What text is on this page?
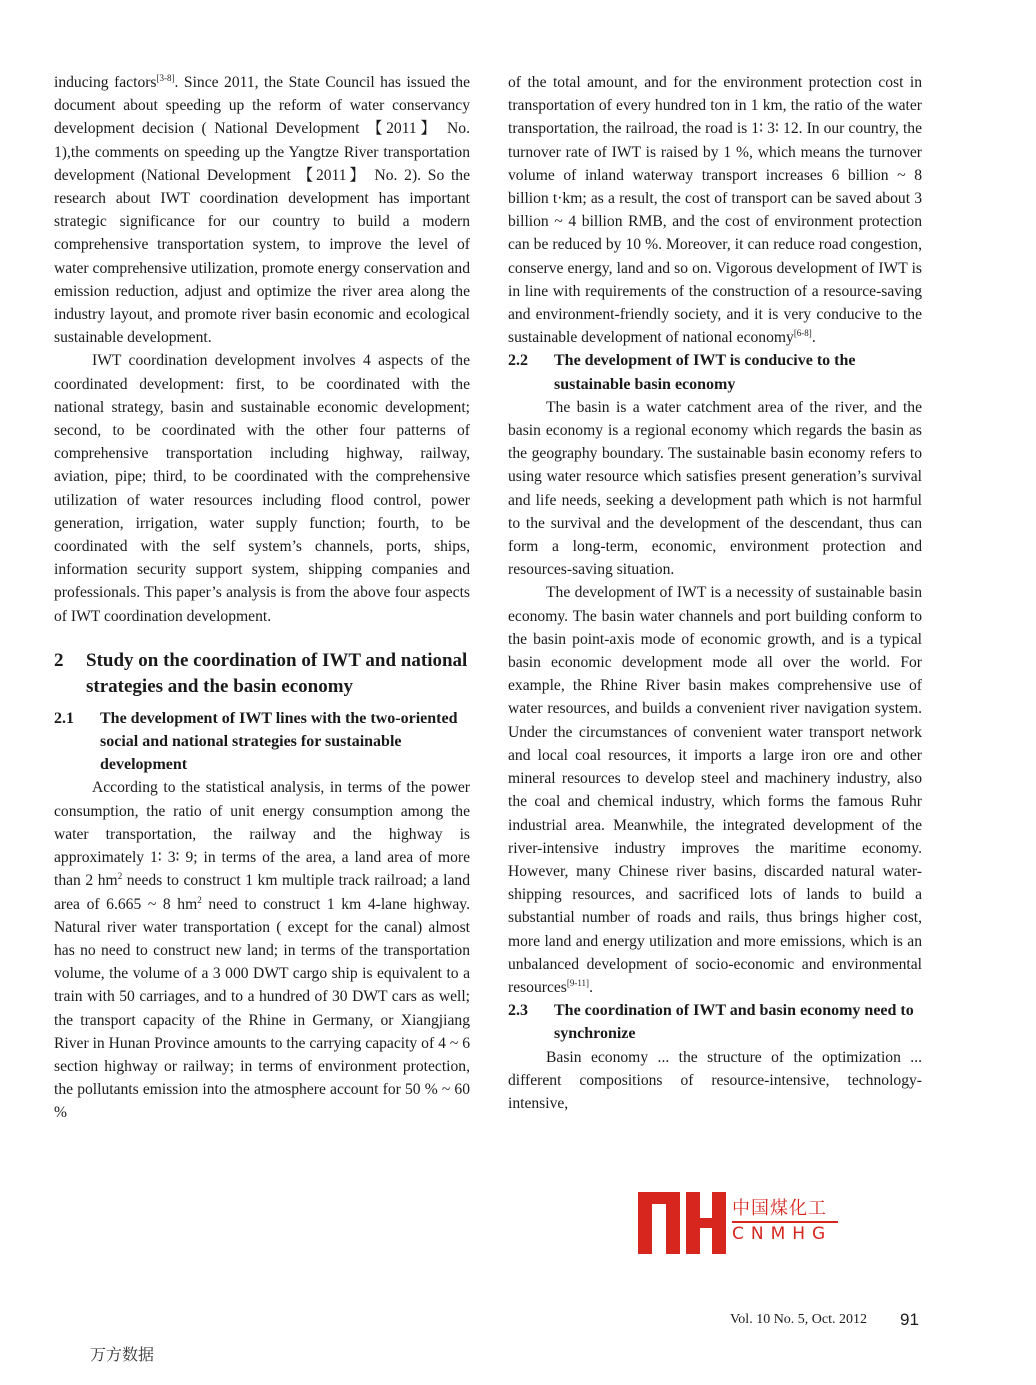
inducing factors[3-8]. Since 2011, the State Council has issued the document about speeding up the reform of water conservancy development decision ( National Development 【2011】 No. 1),the comments on speeding up the Yangtze River transportation development (National Development 【2011】 No. 2). So the research about IWT coordination development has important strategic significance for our country to build a modern comprehensive transportation system, to improve the level of water comprehensive utilization, promote energy conservation and emission reduction, adjust and optimize the river area along the industry layout, and promote river basin economic and ecological sustainable development.

IWT coordination development involves 4 aspects of the coordinated development: first, to be coordinated with the national strategy, basin and sustainable economic development; second, to be coordinated with the other four patterns of comprehensive transportation including highway, railway, aviation, pipe; third, to be coordinated with the comprehensive utilization of water resources including flood control, power generation, irrigation, water supply function; fourth, to be coordinated with the self system’s channels, ports, ships, information security support system, shipping companies and professionals. This paper’s analysis is from the above four aspects of IWT coordination development.

2	Study on the coordination of IWT and national strategies and the basin economy
2.1	The development of IWT lines with the two-oriented social and national strategies for sustainable development

According to the statistical analysis, in terms of the power consumption, the ratio of unit energy consumption among the water transportation, the railway and the highway is approximately 1∶ 3∶ 9; in terms of the area, a land area of more than 2 $hm^2$ needs to construct 1 km multiple track railroad; a land area of 6.665 ~ 8 $hm^2$ need to construct 1 km 4-lane highway. Natural river water transportation ( except for the canal) almost has no need to construct new land; in terms of the transportation volume, the volume of a 3 000 DWT cargo ship is equivalent to a train with 50 carriages, and to a hundred of 30 DWT cars as well; the transport capacity of the Rhine in Germany, or Xiangjiang River in Hunan Province amounts to the carrying capacity of 4 ~ 6 section highway or railway; in terms of environment protection, the pollutants emission into the atmosphere account for 50 % ~ 60 %

of the total amount, and for the environment protection cost in transportation of every hundred ton in 1 km, the ratio of the water transportation, the railroad, the road is 1∶ 3∶ 12. In our country, the turnover rate of IWT is raised by 1 %, which means the turnover volume of inland waterway transport increases 6 billion ~ 8 billion t·km; as a result, the cost of transport can be saved about 3 billion ~ 4 billion RMB, and the cost of environment protection can be reduced by 10 %. Moreover, it can reduce road congestion, conserve energy, land and so on. Vigorous development of IWT is in line with requirements of the construction of a resource-saving and environment-friendly society, and it is very conducive to the sustainable development of national economy[6-8].

2.2	The development of IWT is conducive to the sustainable basin economy

The basin is a water catchment area of the river, and the basin economy is a regional economy which regards the basin as the geography boundary. The sustainable basin economy refers to using water resource which satisfies present generation’s survival and life needs, seeking a development path which is not harmful to the survival and the development of the descendant, thus can form a long-term, economic, environment protection and resources-saving situation.

The development of IWT is a necessity of sustainable basin economy. The basin water channels and port building conform to the basin point-axis mode of economic growth, and is a typical basin economic development mode all over the world. For example, the Rhine River basin makes comprehensive use of water resources, and builds a convenient river navigation system. Under the circumstances of convenient water transport network and local coal resources, it imports a large iron ore and other mineral resources to develop steel and machinery industry, also the coal and chemical industry, which forms the famous Ruhr industrial area. Meanwhile, the integrated development of the river-intensive industry improves the maritime economy. However, many Chinese river basins, discarded natural water-shipping resources, and sacrificed lots of lands to build a substantial number of roads and rails, thus brings higher cost, more land and energy utilization and more emissions, which is an unbalanced development of socio-economic and environmental resources[9-11].

2.3	The coordination of IWT and basin economy need to synchronize

Basin economy ... the structure of the optimization ... different compositions of resource-intensive, technology-intensive,

中国煤化工
CNMHG
Vol. 10 No. 5, Oct. 2012 91
万方数据
